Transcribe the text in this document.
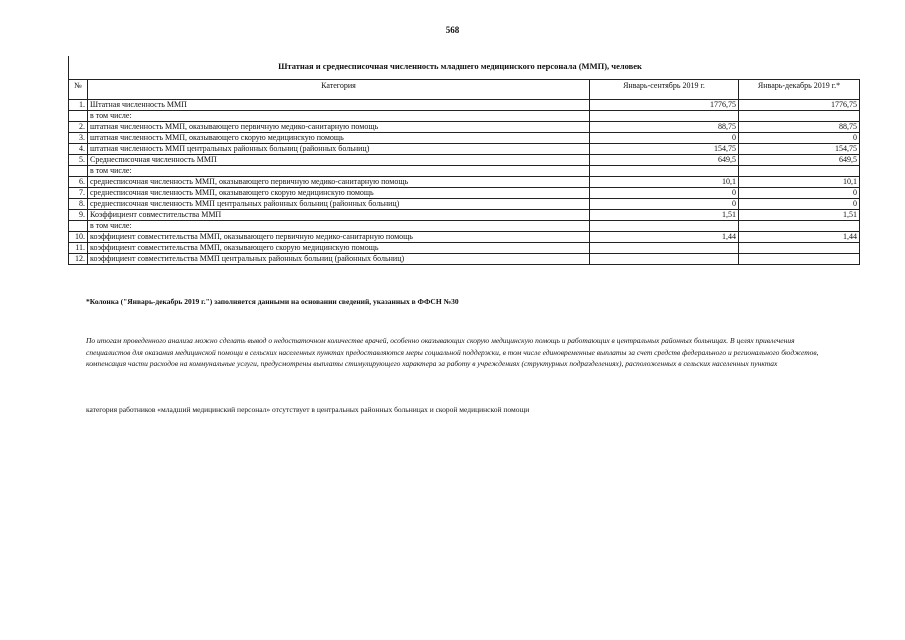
568
Штатная и среднесписочная численность младшего медицинского персонала (ММП), человек
№	Категория	Январь-сентябрь 2019 г.	Январь-декабрь 2019 г.*
1.	Штатная численность ММП	1776,75	1776,75
	в том числе:		
2.	штатная численность ММП, оказывающего первичную медико-санитарную помощь	88,75	88,75
3.	штатная численность ММП, оказывающего скорую медицинскую помощь	0	0
4.	штатная численность ММП центральных районных больниц (районных больниц)	154,75	154,75
5.	Среднесписочная численность ММП	649,5	649,5
	в том числе:		
6.	среднесписочная численность ММП, оказывающего первичную медико-санитарную помощь	10,1	10,1
7.	среднесписочная численность ММП, оказывающего скорую медицинскую помощь	0	0
8.	среднесписочная численность ММП центральных районных больниц (районных больниц)	0	0
9.	Коэффициент совместительства ММП	1,51	1,51
	в том числе:		
10.	коэффициент совместительства ММП, оказывающего первичную медико-санитарную помощь	1,44	1,44
11.	коэффициент совместительства ММП, оказывающего скорую медицинскую помощь		
12.	коэффициент совместительства ММП центральных районных больниц (районных больниц)		
*Колонка ("Январь-декабрь 2019 г.") заполняется данными на основании сведений, указанных в ФФСН №30
По итогам проведенного анализа можно сделать вывод о недостаточном количестве врачей, особенно оказывающих скорую медицинскую помощь и работающих в центральных районных больницах. В целях привлечения специалистов для оказания медицинской помощи в сельских населенных пунктах предоставляются меры социальной поддержки, в том числе единовременные выплаты за счет средств федерального и регионального бюджетов, компенсация части расходов на коммунальные услуги, предусмотрены выплаты стимулирующего характера за работу в учреждениях (структурных подразделениях), расположенных в сельских населенных пунктах
категория работников «младший медицинский персонал» отсутствует в центральных районных больницах и скорой медицинской помощи
